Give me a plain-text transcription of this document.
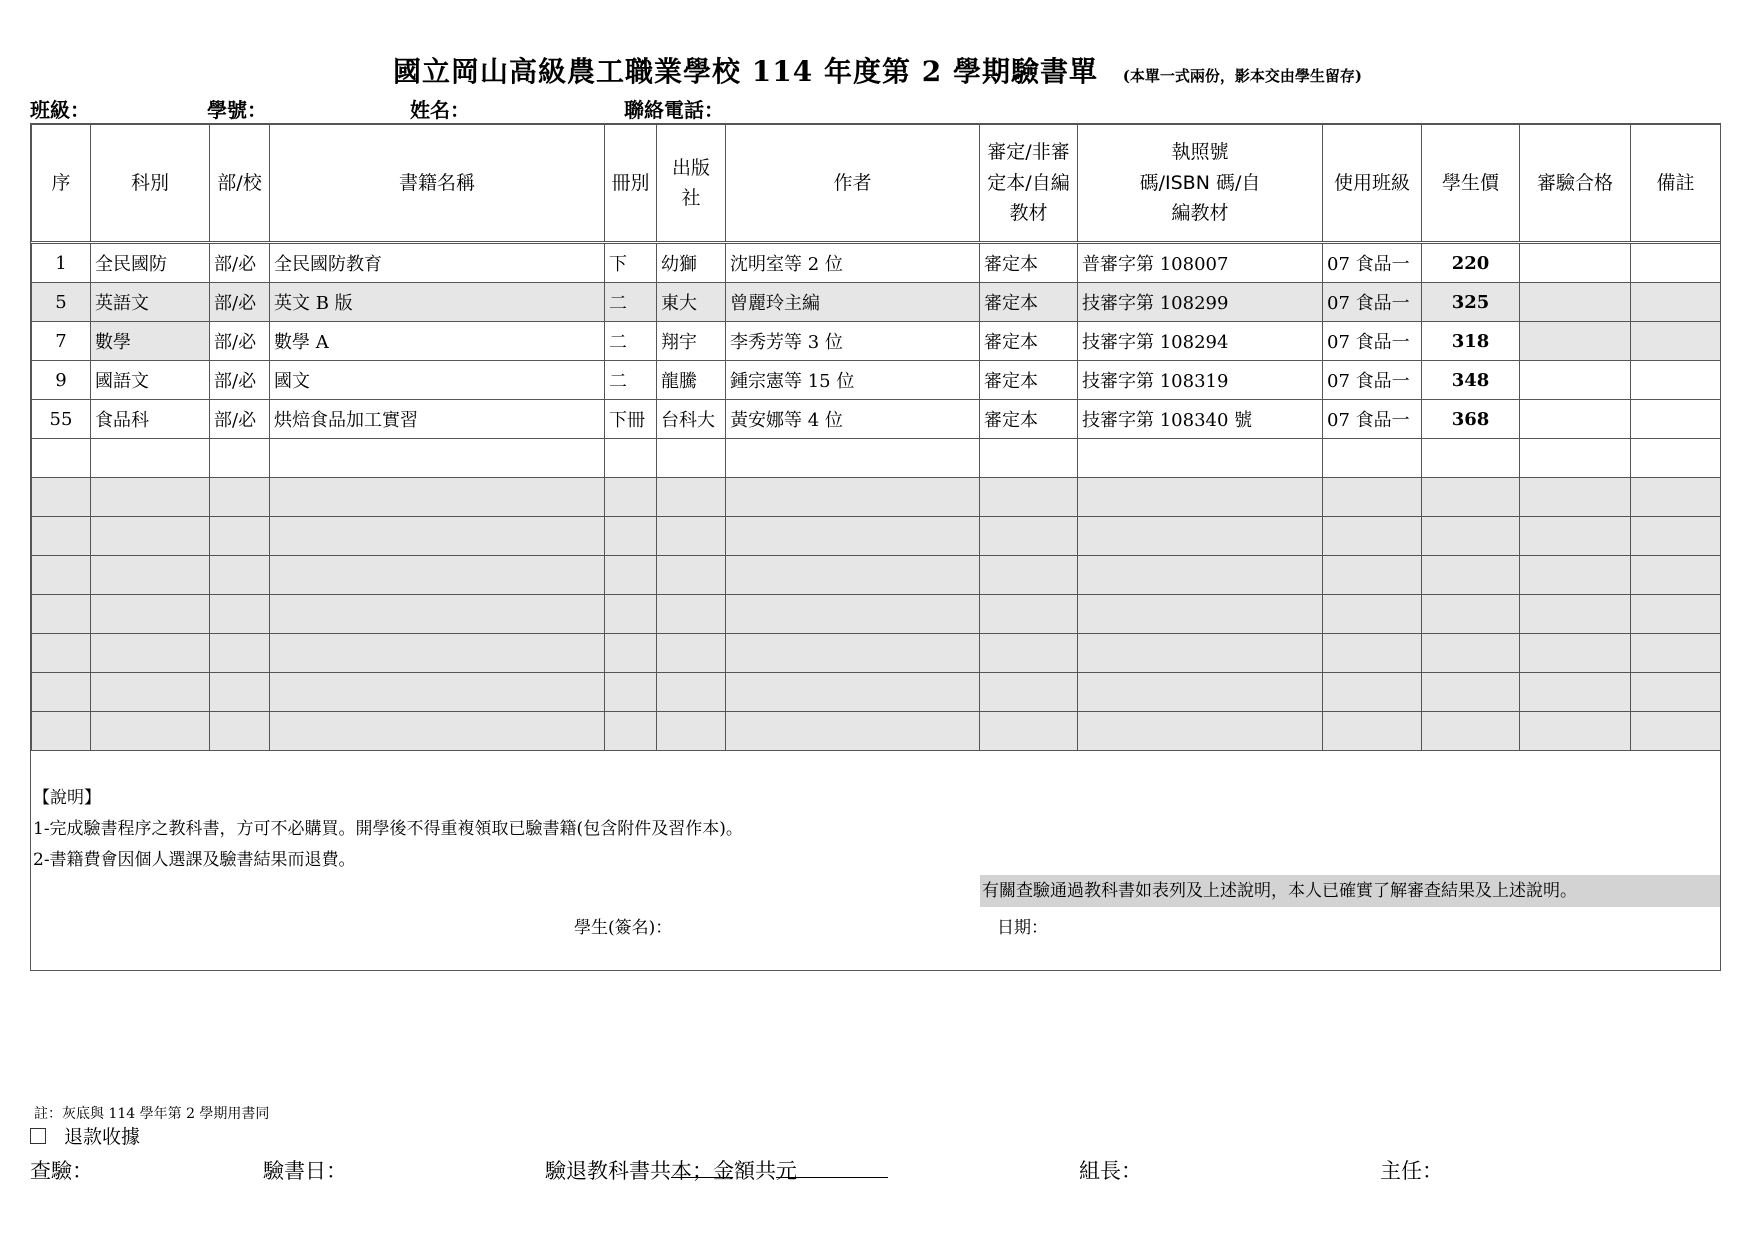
國立岡山高級農工職業學校 114 年度第 2 學期驗書單 (本單一式兩份，影本交由學生留存)
班級：	學號：	姓名：	聯絡電話：
序	科別	部/校	書籍名稱	冊別	出版社	作者	審定/非審定本/自編教材	執照號碼/ISBN 碼/自編教材	使用班級	學生價	審驗合格	備註
1	全民國防	部/必	全民國防教育	下	幼獅	沈明室等 2 位	審定本	普審字第 108007	07 食品一	220		
5	英語文	部/必	英文 B 版	二	東大	曾麗玲主編	審定本	技審字第 108299	07 食品一	325		
7	數學	部/必	數學 A	二	翔宇	李秀芳等 3 位	審定本	技審字第 108294	07 食品一	318		
9	國語文	部/必	國文	二	龍騰	鍾宗憲等 15 位	審定本	技審字第 108319	07 食品一	348		
55	食品科	部/必	烘焙食品加工實習	下冊	台科大	黃安娜等 4 位	審定本	技審字第 108340 號	07 食品一	368		

【說明】
1-完成驗書程序之教科書，方可不必購買。開學後不得重複領取已驗書籍(包含附件及習作本)。
2-書籍費會因個人選課及驗書結果而退費。
有關查驗通過教科書如表列及上述說明，本人已確實了解審查結果及上述說明。
學生(簽名)：	日期：
註：灰底與 114 學年第 2 學期用書同
退款收據
查驗：	驗書日：	驗退教科書共
本；金額共
元	組長：	主任：
